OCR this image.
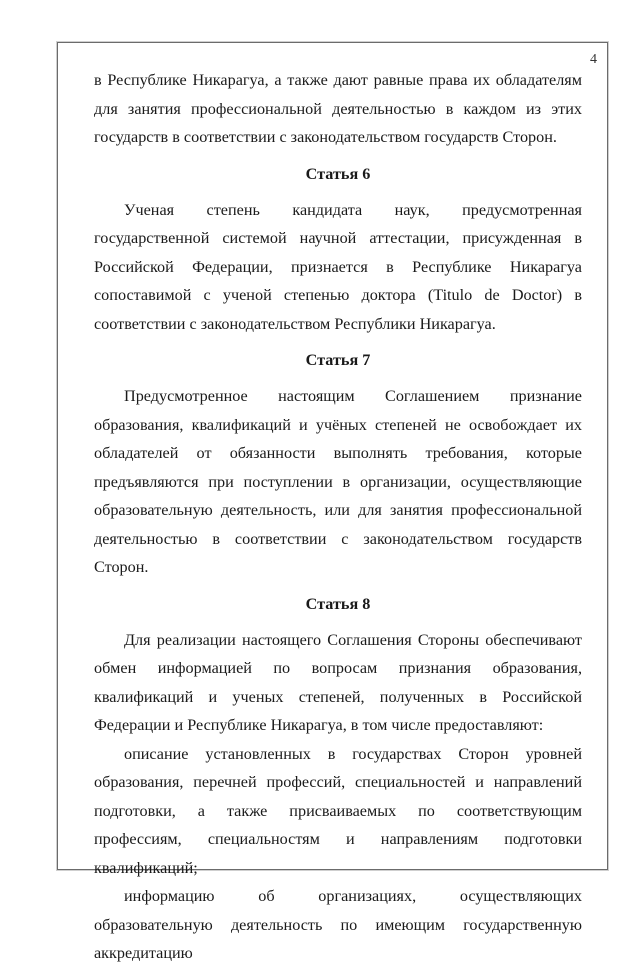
4

в Республике Никарагуа, а также дают равные права их обладателям для занятия профессиональной деятельностью в каждом из этих государств в соответствии с законодательством государств Сторон.

Статья 6

Ученая степень кандидата наук, предусмотренная государственной системой научной аттестации, присужденная в Российской Федерации, признается в Республике Никарагуа сопоставимой с ученой степенью доктора (Titulo de Doctor) в соответствии с законодательством Республики Никарагуа.

Статья 7

Предусмотренное настоящим Соглашением признание образования, квалификаций и учёных степеней не освобождает их обладателей от обязанности выполнять требования, которые предъявляются при поступлении в организации, осуществляющие образовательную деятельность, или для занятия профессиональной деятельностью в соответствии с законодательством государств Сторон.

Статья 8

Для реализации настоящего Соглашения Стороны обеспечивают обмен информацией по вопросам признания образования, квалификаций и ученых степеней, полученных в Российской Федерации и Республике Никарагуа, в том числе предоставляют:

описание установленных в государствах Сторон уровней образования, перечней профессий, специальностей и направлений подготовки, а также присваиваемых по соответствующим профессиям, специальностям и направлениям подготовки квалификаций;

информацию об организациях, осуществляющих образовательную деятельность по имеющим государственную аккредитацию
